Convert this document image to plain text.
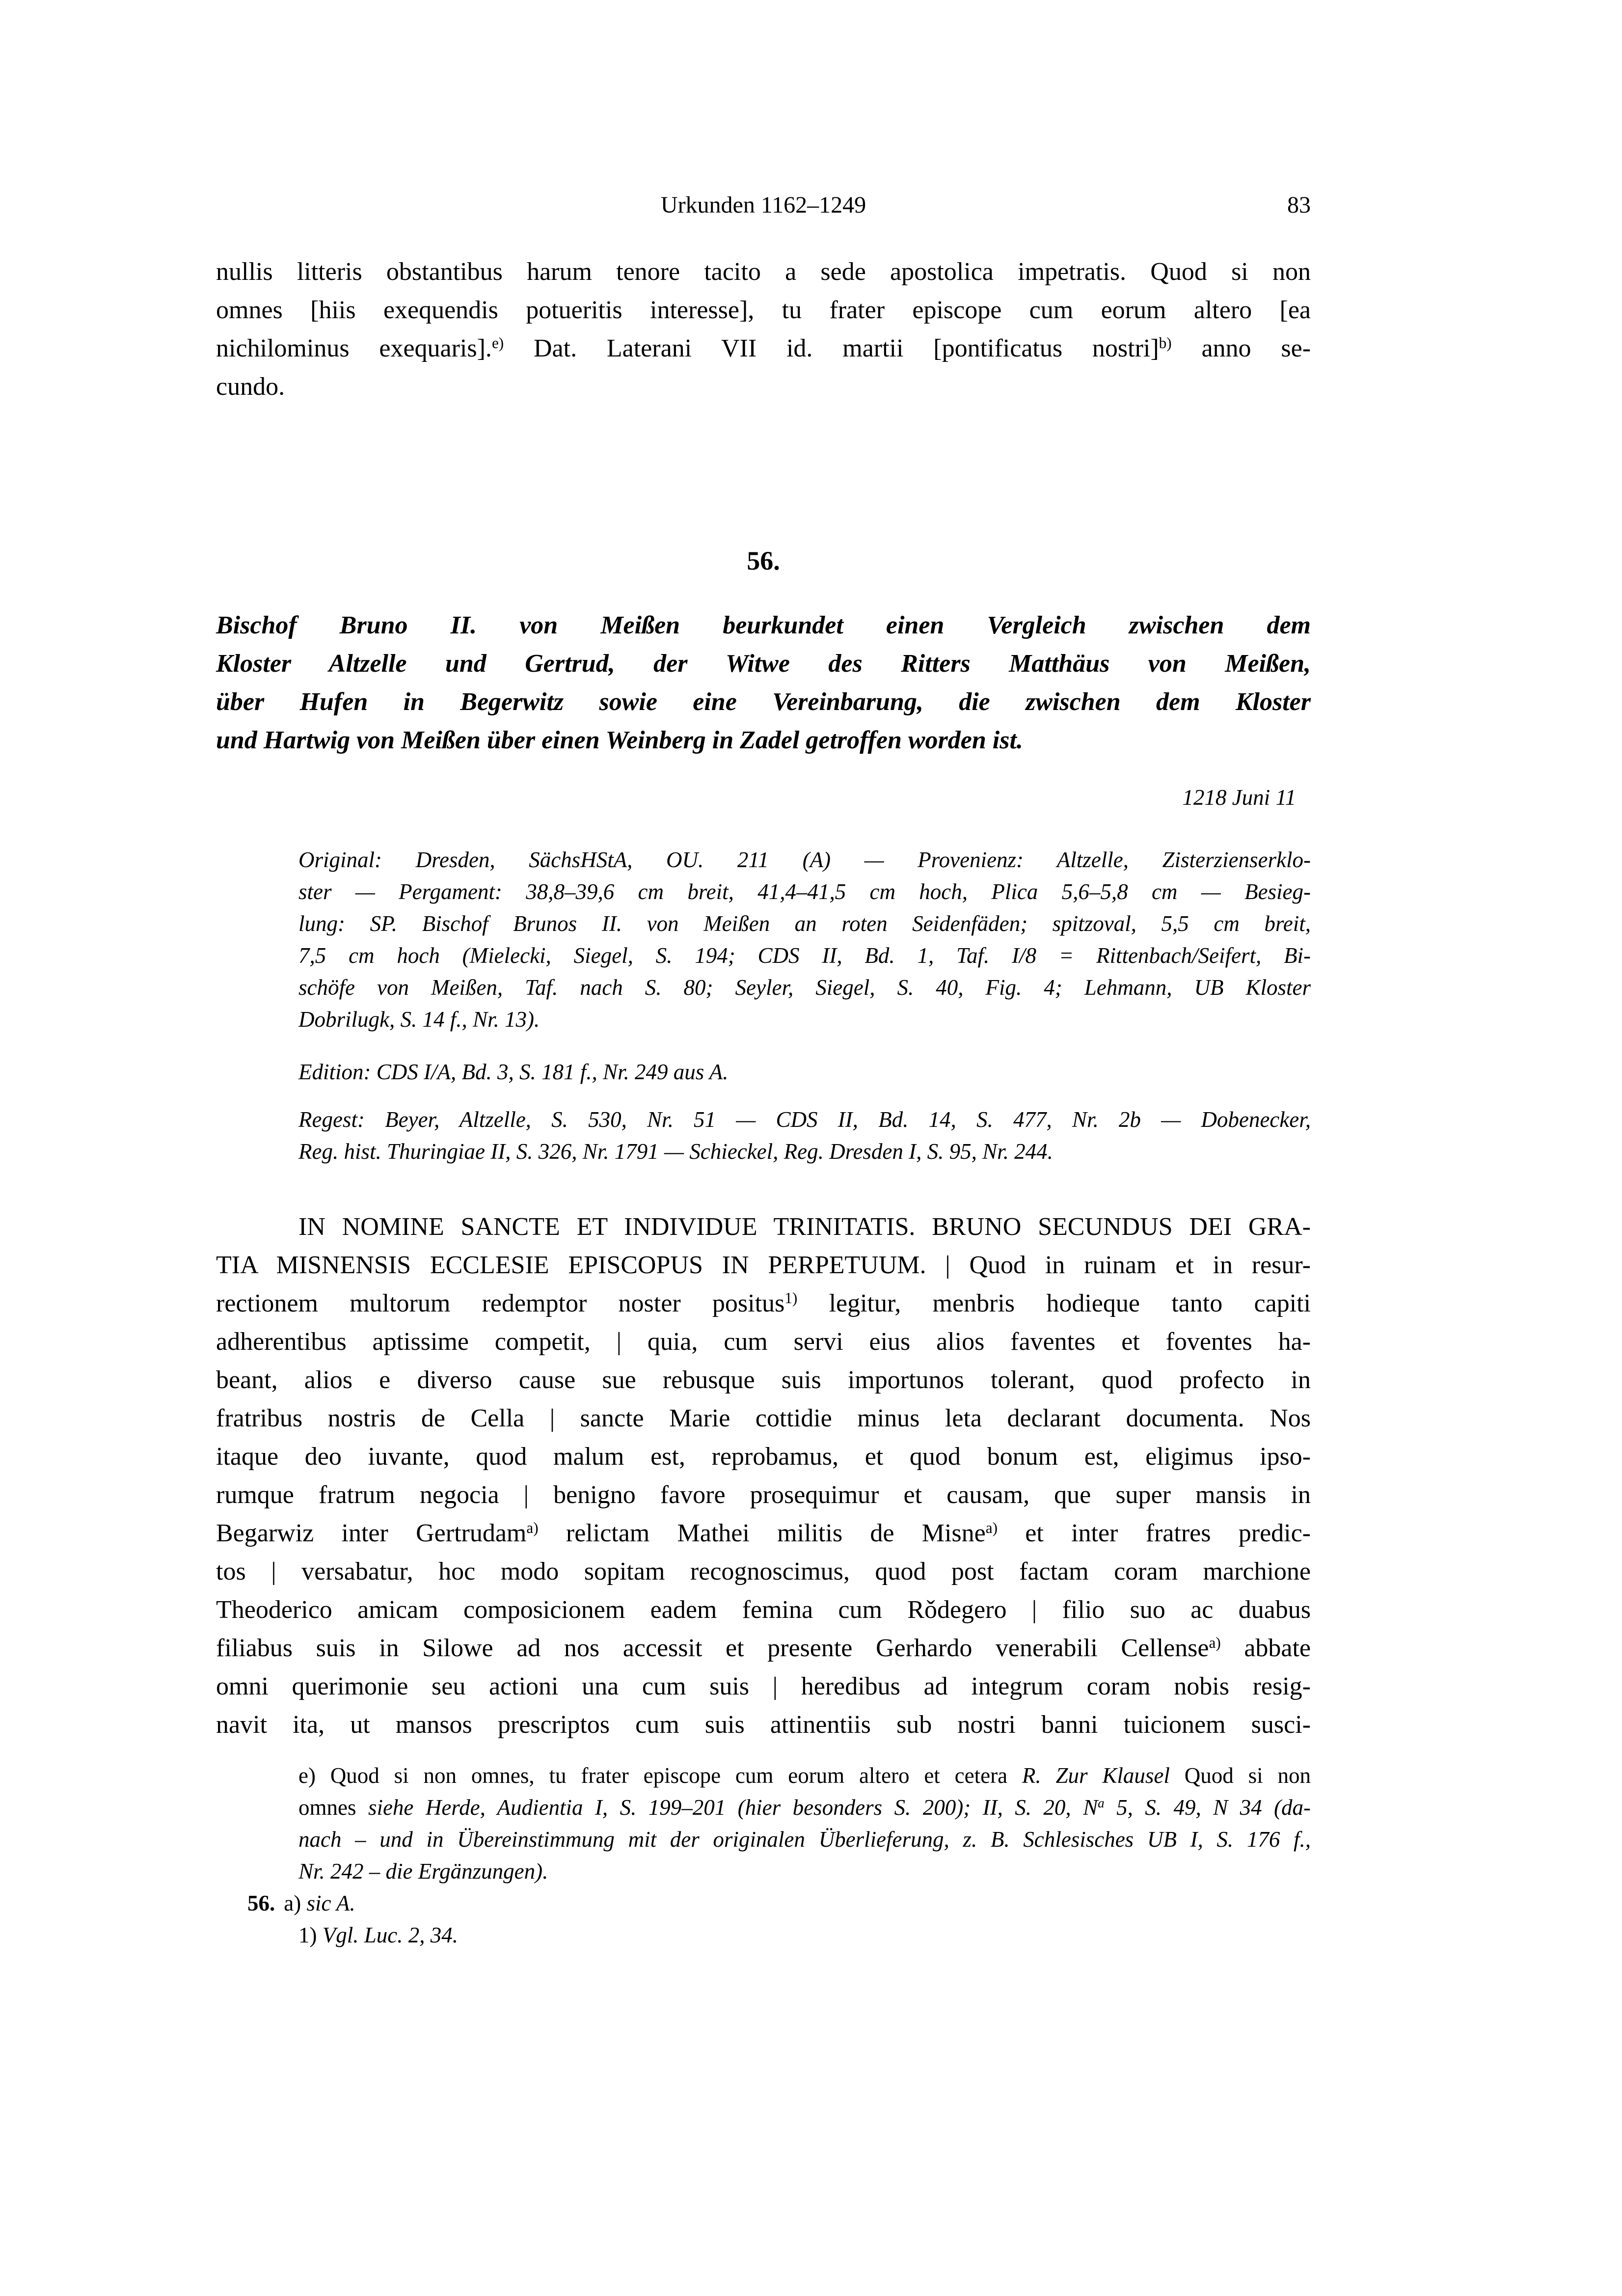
Urkunden 1162–1249	83
nullis litteris obstantibus harum tenore tacito a sede apostolica impetratis. Quod si non
omnes [hiis exequendis potueritis interesse], tu frater episcope cum eorum altero [ea
nichilominus exequaris].$^{e)}$ Dat. Laterani VII id. martii [pontificatus nostri]$^{b)}$ anno se-
cundo.
56.
Bischof Bruno II. von Meißen beurkundet einen Vergleich zwischen dem
Kloster Altzelle und Gertrud, der Witwe des Ritters Matthäus von Meißen,
über Hufen in Begerwitz sowie eine Vereinbarung, die zwischen dem Kloster
und Hartwig von Meißen über einen Weinberg in Zadel getroffen worden ist.
1218 Juni 11
Original: Dresden, SächsHStA, OU. 211 (A) — Provenienz: Altzelle, Zisterzienserklo-
ster — Pergament: 38,8–39,6 cm breit, 41,4–41,5 cm hoch, Plica 5,6–5,8 cm — Besieg-
lung: SP. Bischof Brunos II. von Meißen an roten Seidenfäden; spitzoval, 5,5 cm breit,
7,5 cm hoch (Mielecki, Siegel, S. 194; CDS II, Bd. 1, Taf. I/8 = Rittenbach/Seifert, Bi-
schöfe von Meißen, Taf. nach S. 80; Seyler, Siegel, S. 40, Fig. 4; Lehmann, UB Kloster
Dobrilugk, S. 14 f., Nr. 13).
Edition: CDS I/A, Bd. 3, S. 181 f., Nr. 249 aus A.
Regest: Beyer, Altzelle, S. 530, Nr. 51 — CDS II, Bd. 14, S. 477, Nr. 2b — Dobenecker,
Reg. hist. Thuringiae II, S. 326, Nr. 1791 — Schieckel, Reg. Dresden I, S. 95, Nr. 244.
IN NOMINE SANCTE ET INDIVIDUE TRINITATIS. BRUNO SECUNDUS DEI GRA-
TIA MISNENSIS ECCLESIE EPISCOPUS IN PERPETUUM. | Quod in ruinam et in resur-
rectionem multorum redemptor noster positus$^{1)}$ legitur, menbris hodieque tanto capiti
adherentibus aptissime competit, | quia, cum servi eius alios faventes et foventes ha-
beant, alios e diverso cause sue rebusque suis importunos tolerant, quod profecto in
fratribus nostris de Cella | sancte Marie cottidie minus leta declarant documenta. Nos
itaque deo iuvante, quod malum est, reprobamus, et quod bonum est, eligimus ipso-
rumque fratrum negocia | benigno favore prosequimur et causam, que super mansis in
Begarwiz inter Gertrudam$^{a)}$ relictam Mathei militis de Misne$^{a)}$ et inter fratres predic-
tos | versabatur, hoc modo sopitam recognoscimus, quod post factam coram marchione
Theoderico amicam composicionem eadem femina cum Rǒdegero | filio suo ac duabus
filiabus suis in Silowe ad nos accessit et presente Gerhardo venerabili Cellense$^{a)}$ abbate
omni querimonie seu actioni una cum suis | heredibus ad integrum coram nobis resig-
navit ita, ut mansos prescriptos cum suis attinentiis sub nostri banni tuicionem susci-
e) Quod si non omnes, tu frater episcope cum eorum altero et cetera R. Zur Klausel Quod si non
omnes siehe Herde, Audientia I, S. 199–201 (hier besonders S. 200); II, S. 20, $N^a$ 5, S. 49, N 34 (da-
nach – und in Übereinstimmung mit der originalen Überlieferung, z. B. Schlesisches UB I, S. 176 f.,
Nr. 242 – die Ergänzungen).
56. a) sic A.
1) Vgl. Luc. 2, 34.
